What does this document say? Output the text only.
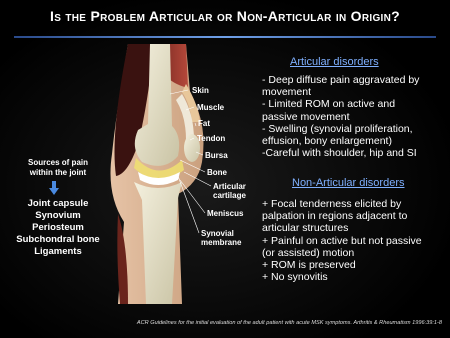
Is the Problem Articular or Non-Articular in Origin?
Skin
Muscle
Fat
Tendon
Bursa
Bone
Articular
cartilage
Meniscus
Synovial
membrane
Sources of pain
within the joint
Joint capsule
Synovium
Periosteum
Subchondral bone
Ligaments
Articular disorders
- Deep diffuse pain aggravated by
movement
- Limited ROM on active and
passive movement
- Swelling (synovial proliferation,
effusion, bony enlargement)
-Careful with shoulder, hip and SI
Non-Articular disorders
+ Focal tenderness elicited by
palpation in regions adjacent to
articular structures
+ Painful on active but not passive
(or assisted) motion
+ ROM is preserved
+ No synovitis
ACR Guidelines for the initial evaluation of the adult patient with acute MSK symptoms. Arthritis & Rheumatism 1996:39:1-8
